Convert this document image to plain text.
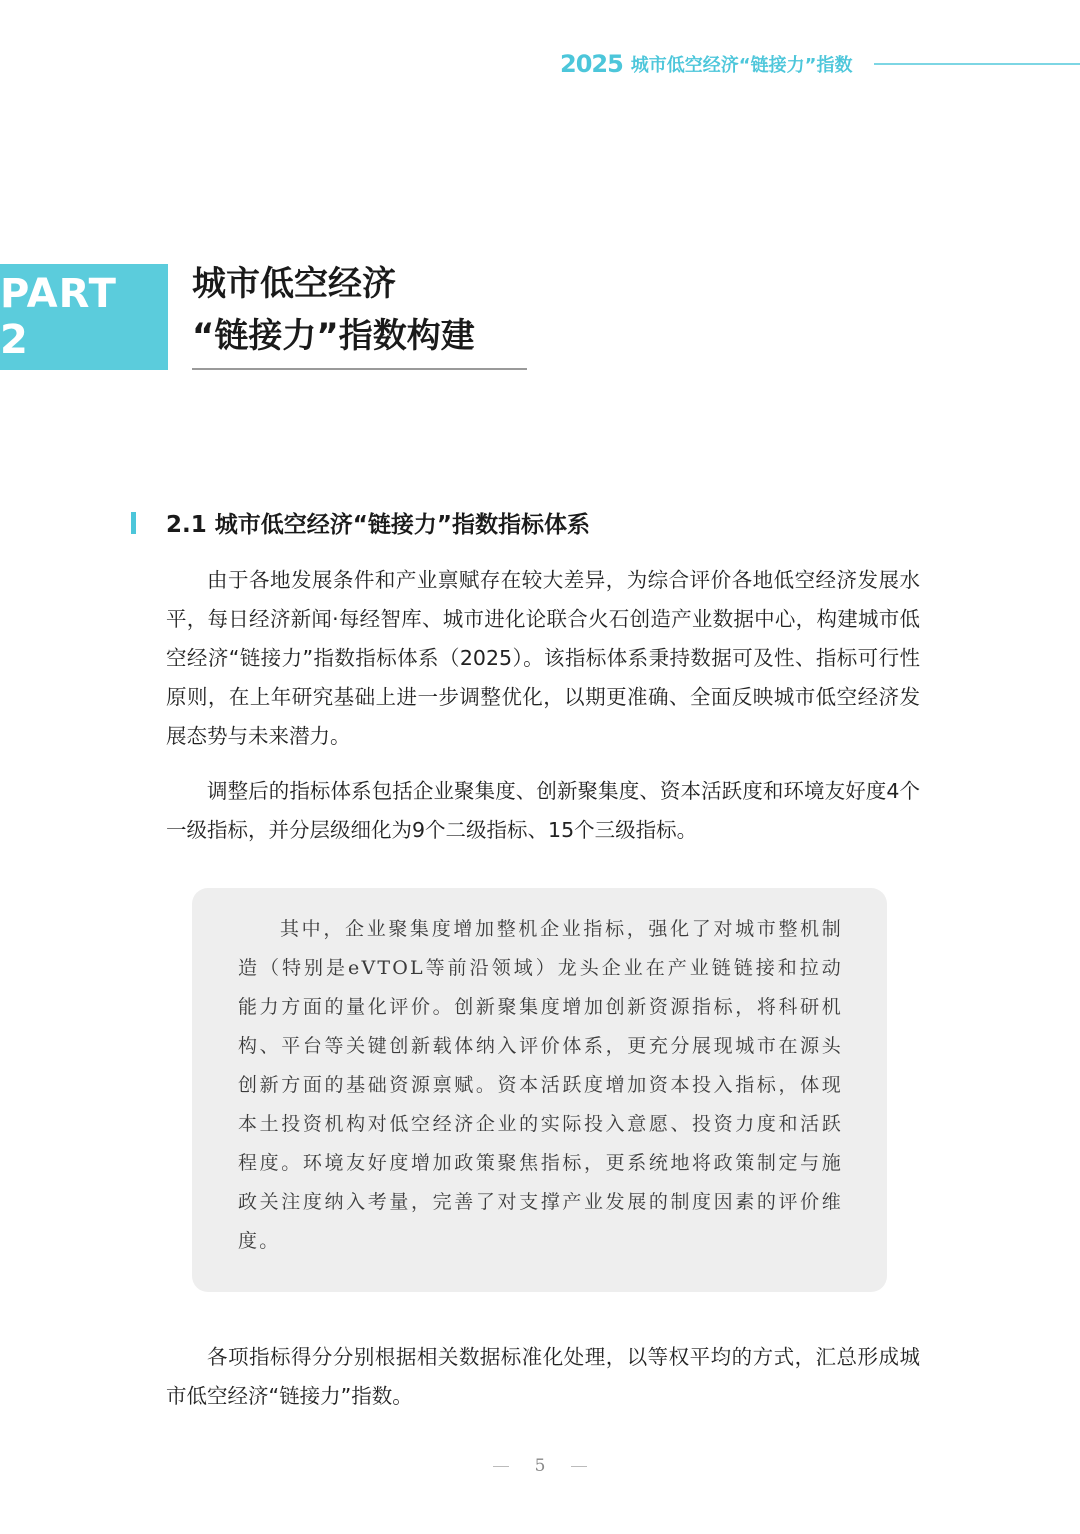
2025 城市低空经济“链接力”指数
PART 2
城市低空经济
“链接力”指数构建
2.1 城市低空经济“链接力”指数指标体系

由于各地发展条件和产业禀赋存在较大差异，为综合评价各地低空经济发展水平，每日经济新闻·每经智库、城市进化论联合火石创造产业数据中心，构建城市低空经济“链接力”指数指标体系（2025）。该指标体系秉持数据可及性、指标可行性原则，在上年研究基础上进一步调整优化，以期更准确、全面反映城市低空经济发展态势与未来潜力。

调整后的指标体系包括企业聚集度、创新聚集度、资本活跃度和环境友好度4个一级指标，并分层级细化为9个二级指标、15个三级指标。

其中，企业聚集度增加整机企业指标，强化了对城市整机制造（特别是eVTOL等前沿领域）龙头企业在产业链链接和拉动能力方面的量化评价。创新聚集度增加创新资源指标，将科研机构、平台等关键创新载体纳入评价体系，更充分展现城市在源头创新方面的基础资源禀赋。资本活跃度增加资本投入指标，体现本土投资机构对低空经济企业的实际投入意愿、投资力度和活跃程度。环境友好度增加政策聚焦指标，更系统地将政策制定与施政关注度纳入考量，完善了对支撑产业发展的制度因素的评价维度。

各项指标得分分别根据相关数据标准化处理，以等权平均的方式，汇总形成城市低空经济“链接力”指数。

5
